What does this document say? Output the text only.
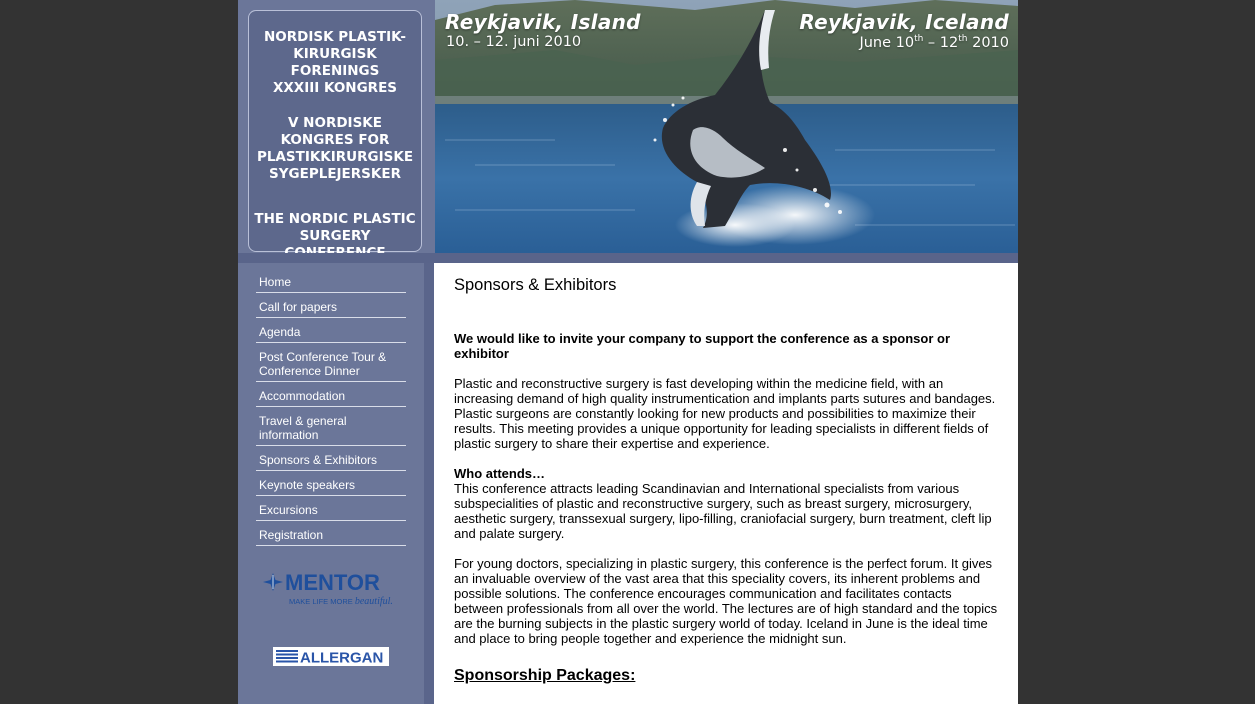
NORDISK PLASTIK-
KIRURGISK FORENINGS
XXXIII KONGRES
V NORDISKE
KONGRES FOR
PLASTIKKIRURGISKE
SYGEPLEJERSKER
THE NORDIC PLASTIC
SURGERY
Reykjavik, Island
10. – 12. juni 2010
Reykjavik, Iceland
June 10th – 12th 2010
Home
Call for papers
Agenda
Post Conference Tour & Conference Dinner
Accommodation
Travel & general information
Sponsors & Exhibitors
Keynote speakers
Excursions
Registration
MENTOR
MAKE LIFE MORE beautiful.
ALLERGAN
Sponsors & Exhibitors

We would like to invite your company to support the conference as a sponsor or exhibitor

Plastic and reconstructive surgery is fast developing within the medicine field, with an increasing demand of high quality instrumentication and implants parts sutures and bandages. Plastic surgeons are constantly looking for new products and possibilities to maximize their results. This meeting provides a unique opportunity for leading specialists in different fields of plastic surgery to share their expertise and experience.

Who attends…

This conference attracts leading Scandinavian and International specialists from various subspecialities of plastic and reconstructive surgery, such as breast surgery, microsurgery, aesthetic surgery, transsexual surgery, lipo-filling, craniofacial surgery, burn treatment, cleft lip and palate surgery.

For young doctors, specializing in plastic surgery, this conference is the perfect forum. It gives an invaluable overview of the vast area that this speciality covers, its inherent problems and possible solutions. The conference encourages communication and facilitates contacts between professionals from all over the world. The lectures are of high standard and the topics are the burning subjects in the plastic surgery world of today. Iceland in June is the ideal time and place to bring people together and experience the midnight sun.

Sponsorship Packages:
